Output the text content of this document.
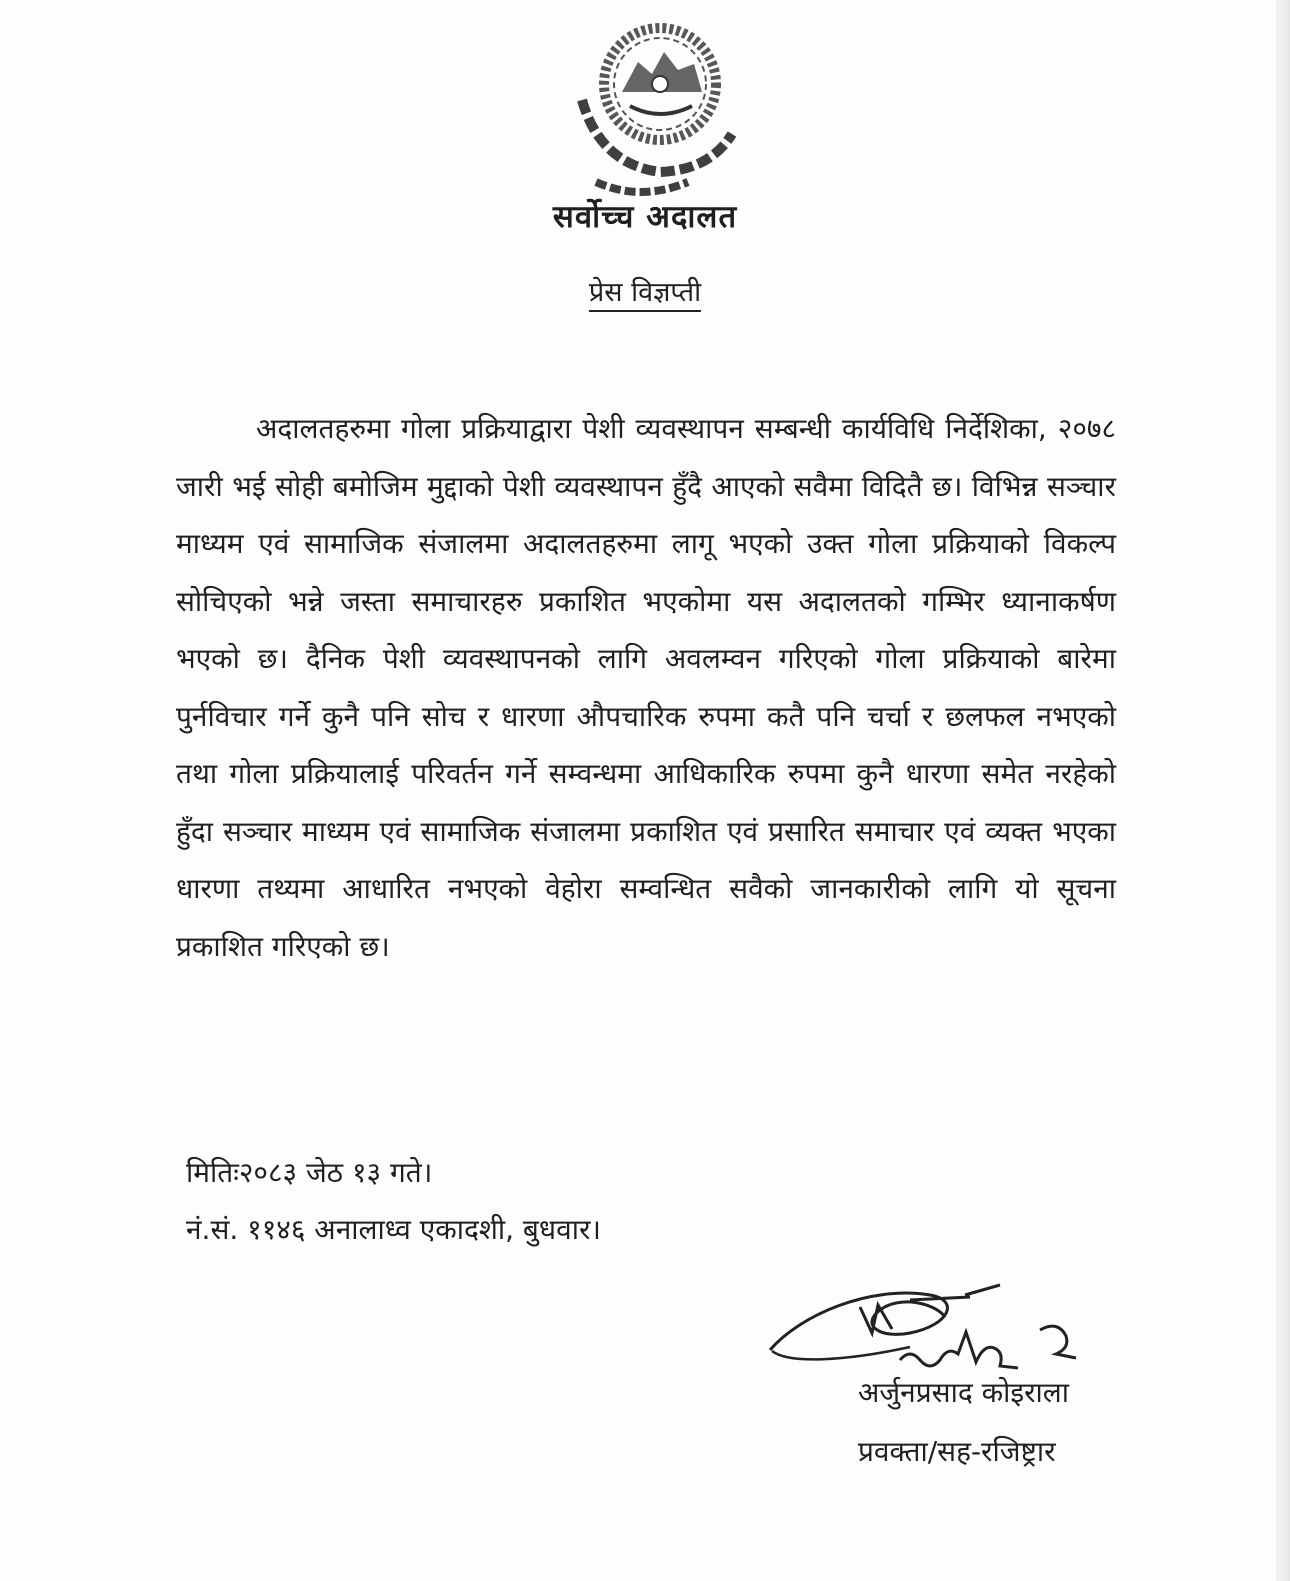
सर्वोच्च अदालत
प्रेस विज्ञप्ती

अदालतहरुमा गोला प्रक्रियाद्वारा पेशी व्यवस्थापन सम्बन्धी कार्यविधि निर्देशिका, २०७८ जारी भई सोही बमोजिम मुद्दाको पेशी व्यवस्थापन हुँदै आएको सवैमा विदितै छ। विभिन्न सञ्चार माध्यम एवं सामाजिक संजालमा अदालतहरुमा लागू भएको उक्त गोला प्रक्रियाको विकल्प सोचिएको भन्ने जस्ता समाचारहरु प्रकाशित भएकोमा यस अदालतको गम्भिर ध्यानाकर्षण भएको छ। दैनिक पेशी व्यवस्थापनको लागि अवलम्वन गरिएको गोला प्रक्रियाको बारेमा पुर्नविचार गर्ने कुनै पनि सोच र धारणा औपचारिक रुपमा कतै पनि चर्चा र छलफल नभएको तथा गोला प्रक्रियालाई परिवर्तन गर्ने सम्वन्धमा आधिकारिक रुपमा कुनै धारणा समेत नरहेको हुँदा सञ्चार माध्यम एवं सामाजिक संजालमा प्रकाशित एवं प्रसारित समाचार एवं व्यक्त भएका धारणा तथ्यमा आधारित नभएको वेहोरा सम्वन्धित सवैको जानकारीको लागि यो सूचना प्रकाशित गरिएको छ।

मितिः२०८३ जेठ १३ गते।
नं.सं. ११४६ अनालाध्व एकादशी, बुधवार।
अर्जुनप्रसाद कोइराला
प्रवक्ता/सह-रजिष्ट्रार
